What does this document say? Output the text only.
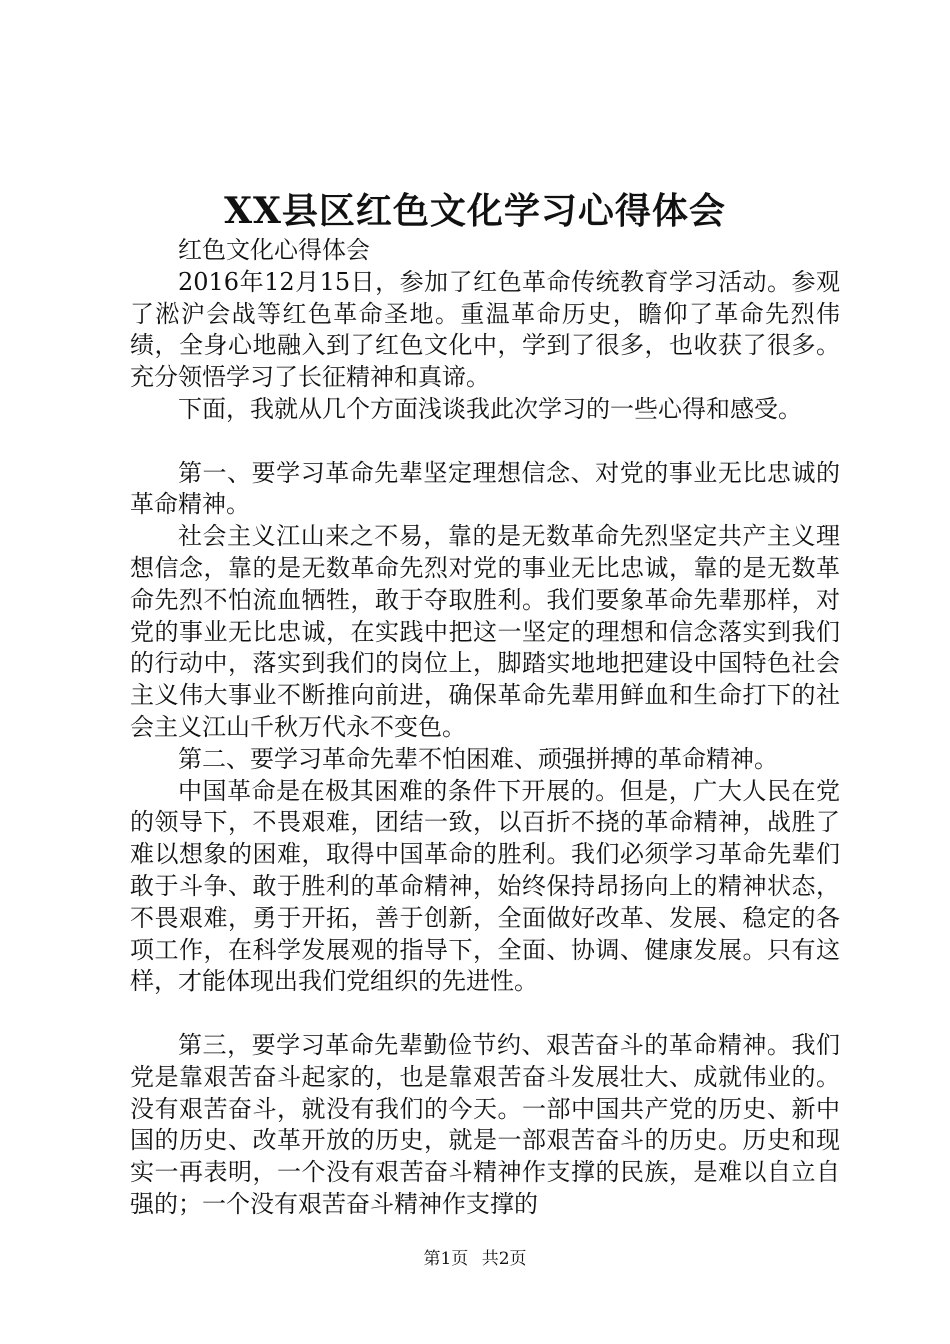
XX县区红色文化学习心得体会

红色文化心得体会

2016年12月15日，参加了红色革命传统教育学习活动。参观了淞沪会战等红色革命圣地。重温革命历史，瞻仰了革命先烈伟绩，全身心地融入到了红色文化中，学到了很多，也收获了很多。充分领悟学习了长征精神和真谛。

下面，我就从几个方面浅谈我此次学习的一些心得和感受。

第一、要学习革命先辈坚定理想信念、对党的事业无比忠诚的革命精神。

社会主义江山来之不易，靠的是无数革命先烈坚定共产主义理想信念，靠的是无数革命先烈对党的事业无比忠诚，靠的是无数革命先烈不怕流血牺牲，敢于夺取胜利。我们要象革命先辈那样，对党的事业无比忠诚，在实践中把这一坚定的理想和信念落实到我们的行动中，落实到我们的岗位上，脚踏实地地把建设中国特色社会主义伟大事业不断推向前进，确保革命先辈用鲜血和生命打下的社会主义江山千秋万代永不变色。

第二、要学习革命先辈不怕困难、顽强拼搏的革命精神。

中国革命是在极其困难的条件下开展的。但是，广大人民在党的领导下，不畏艰难，团结一致，以百折不挠的革命精神，战胜了难以想象的困难，取得中国革命的胜利。我们必须学习革命先辈们敢于斗争、敢于胜利的革命精神，始终保持昂扬向上的精神状态，不畏艰难，勇于开拓，善于创新，全面做好改革、发展、稳定的各项工作，在科学发展观的指导下，全面、协调、健康发展。只有这样，才能体现出我们党组织的先进性。

第三，要学习革命先辈勤俭节约、艰苦奋斗的革命精神。我们党是靠艰苦奋斗起家的，也是靠艰苦奋斗发展壮大、成就伟业的。没有艰苦奋斗，就没有我们的今天。一部中国共产党的历史、新中国的历史、改革开放的历史，就是一部艰苦奋斗的历史。历史和现实一再表明，一个没有艰苦奋斗精神作支撑的民族，是难以自立自强的；一个没有艰苦奋斗精神作支撑的

第1页 共2页
